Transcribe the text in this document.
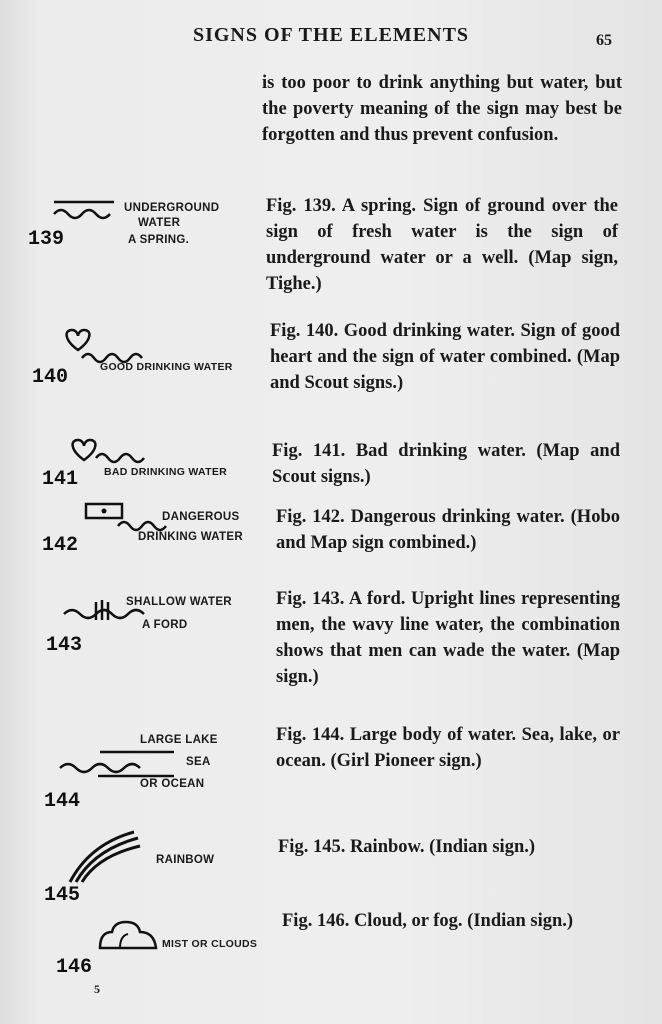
SIGNS OF THE ELEMENTS	65
is too poor to drink anything but water, but the poverty meaning of the sign may best be forgotten and thus prevent confusion.
139
UNDERGROUND
WATER
A SPRING.
Fig. 139. A spring. Sign of ground over the sign of fresh water is the sign of underground water or a well. (Map sign, Tighe.)
140	GOOD DRINKING WATER
Fig. 140. Good drinking water. Sign of good heart and the sign of water combined. (Map and Scout signs.)
141 BAD DRINKING WATER
Fig. 141. Bad drinking water. (Map and Scout signs.)
142
DANGEROUS
DRINKING WATER
Fig. 142. Dangerous drinking water. (Hobo and Map sign combined.)
143
SHALLOW WATER
A FORD
Fig. 143. A ford. Upright lines representing men, the wavy line water, the combination shows that men can wade the water. (Map sign.)
144
LARGE LAKE
SEA
OR OCEAN
Fig. 144. Large body of water. Sea, lake, or ocean. (Girl Pioneer sign.)
145
RAINBOW
Fig. 145. Rainbow. (Indian sign.)
146
MIST OR CLOUDS
Fig. 146. Cloud, or fog. (Indian sign.)
5
